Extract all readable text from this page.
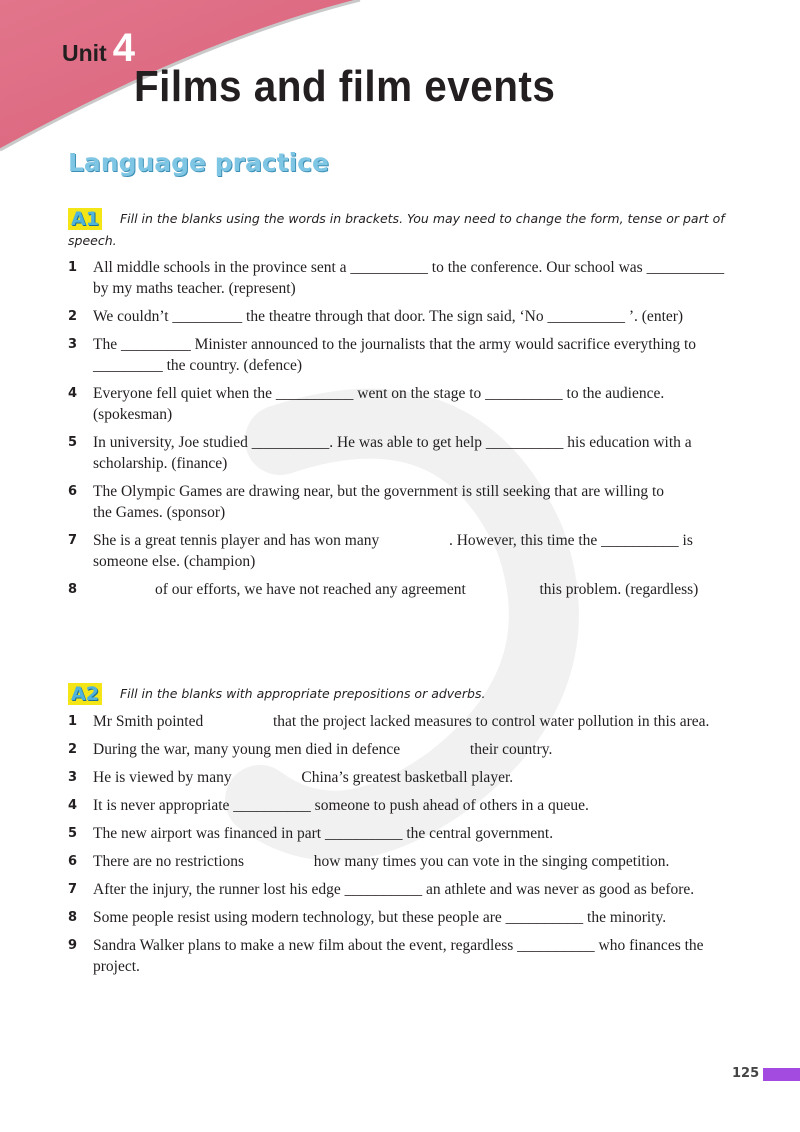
Unit 4
Films and film events
Language practice

A1 Fill in the blanks using the words in brackets. You may need to change the form, tense or part of speech.

1 All middle schools in the province sent a __________ to the conference. Our school was __________ by my maths teacher. (represent)
2 We couldn’t _________ the theatre through that door. The sign said, ‘No __________ ’. (enter)
3 The _________ Minister announced to the journalists that the army would sacrifice everything to _________ the country. (defence)
4 Everyone fell quiet when the __________ went on the stage to __________ to the audience. (spokesman)
5 In university, Joe studied __________. He was able to get help __________ his education with a scholarship. (finance)
6 The Olympic Games are drawing near, but the government is still seeking that are willing to                   the Games. (sponsor)
7 She is a great tennis player and has won many                  . However, this time the __________ is someone else. (champion)
8 of our efforts, we have not reached any agreement                   this problem. (regardless)

A2 Fill in the blanks with appropriate prepositions or adverbs.

1 Mr Smith pointed                  that the project lacked measures to control water pollution in this area.
2 During the war, many young men died in defence                  their country.
3 He is viewed by many                  China’s greatest basketball player.
4 It is never appropriate __________ someone to push ahead of others in a queue.
5 The new airport was financed in part __________ the central government.
6 There are no restrictions                  how many times you can vote in the singing competition.
7 After the injury, the runner lost his edge __________ an athlete and was never as good as before.
8 Some people resist using modern technology, but these people are __________ the minority.
9 Sandra Walker plans to make a new film about the event, regardless __________ who finances the project.
125
